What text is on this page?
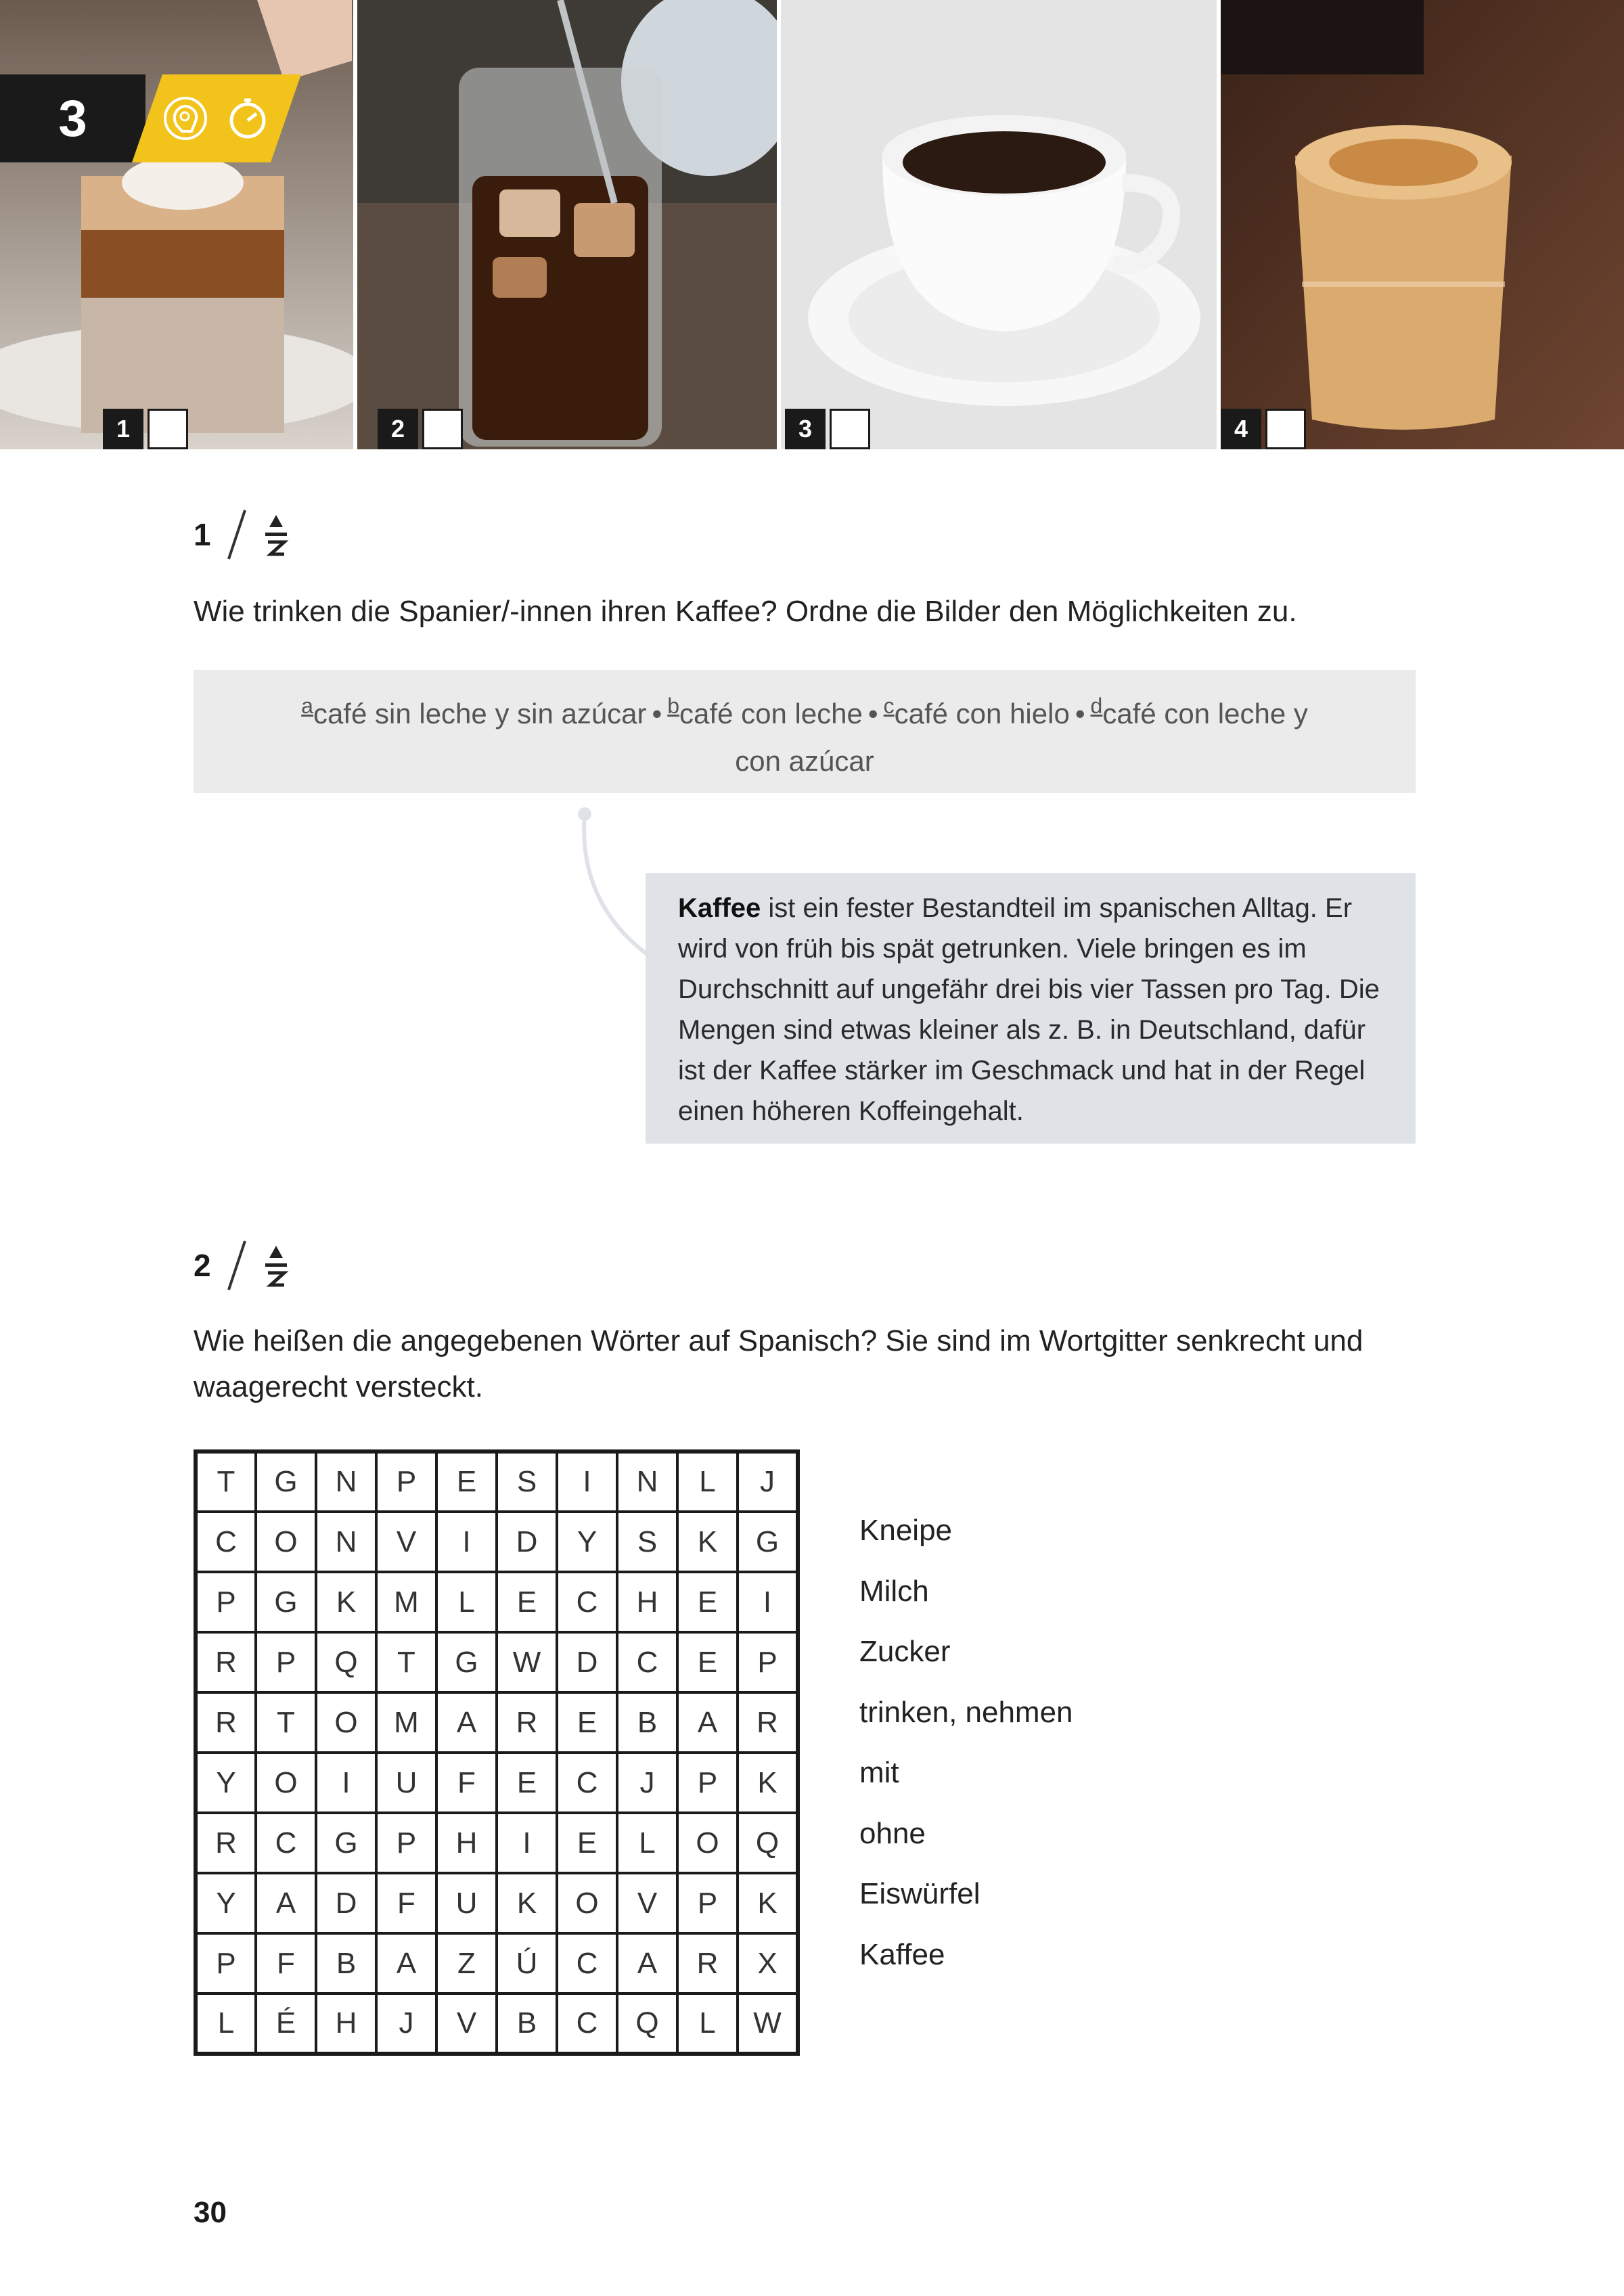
1	2	3	4
3
1

Wie trinken die Spanier/-innen ihren Kaffee? Ordne die Bilder den Möglichkeiten zu.

$^a$café sin leche y sin azúcar • $^b$café con leche • $^c$café con hielo • $^d$café con leche y con azúcar
Kaffee ist ein fester Bestandteil im spanischen Alltag. Er wird von früh bis spät getrunken. Viele bringen es im Durchschnitt auf ungefähr drei bis vier Tassen pro Tag. Die Mengen sind etwas kleiner als z. B. in Deutschland, dafür ist der Kaffee stärker im Geschmack und hat in der Regel einen höheren Koffeingehalt.
2

Wie heißen die angegebenen Wörter auf Spanisch? Sie sind im Wortgitter senkrecht und waagerecht versteckt.

T	G	N	P	E	S	I	N	L	J
C	O	N	V	I	D	Y	S	K	G
P	G	K	M	L	E	C	H	E	I
R	P	Q	T	G	W	D	C	E	P
R	T	O	M	A	R	E	B	A	R
Y	O	I	U	F	E	C	J	P	K
R	C	G	P	H	I	E	L	O	Q
Y	A	D	F	U	K	O	V	P	K
P	F	B	A	Z	Ú	C	A	R	X
L	É	H	J	V	B	C	Q	L	W
Kneipe
Milch
Zucker
trinken, nehmen
mit
ohne
Eiswürfel
Kaffee
30
